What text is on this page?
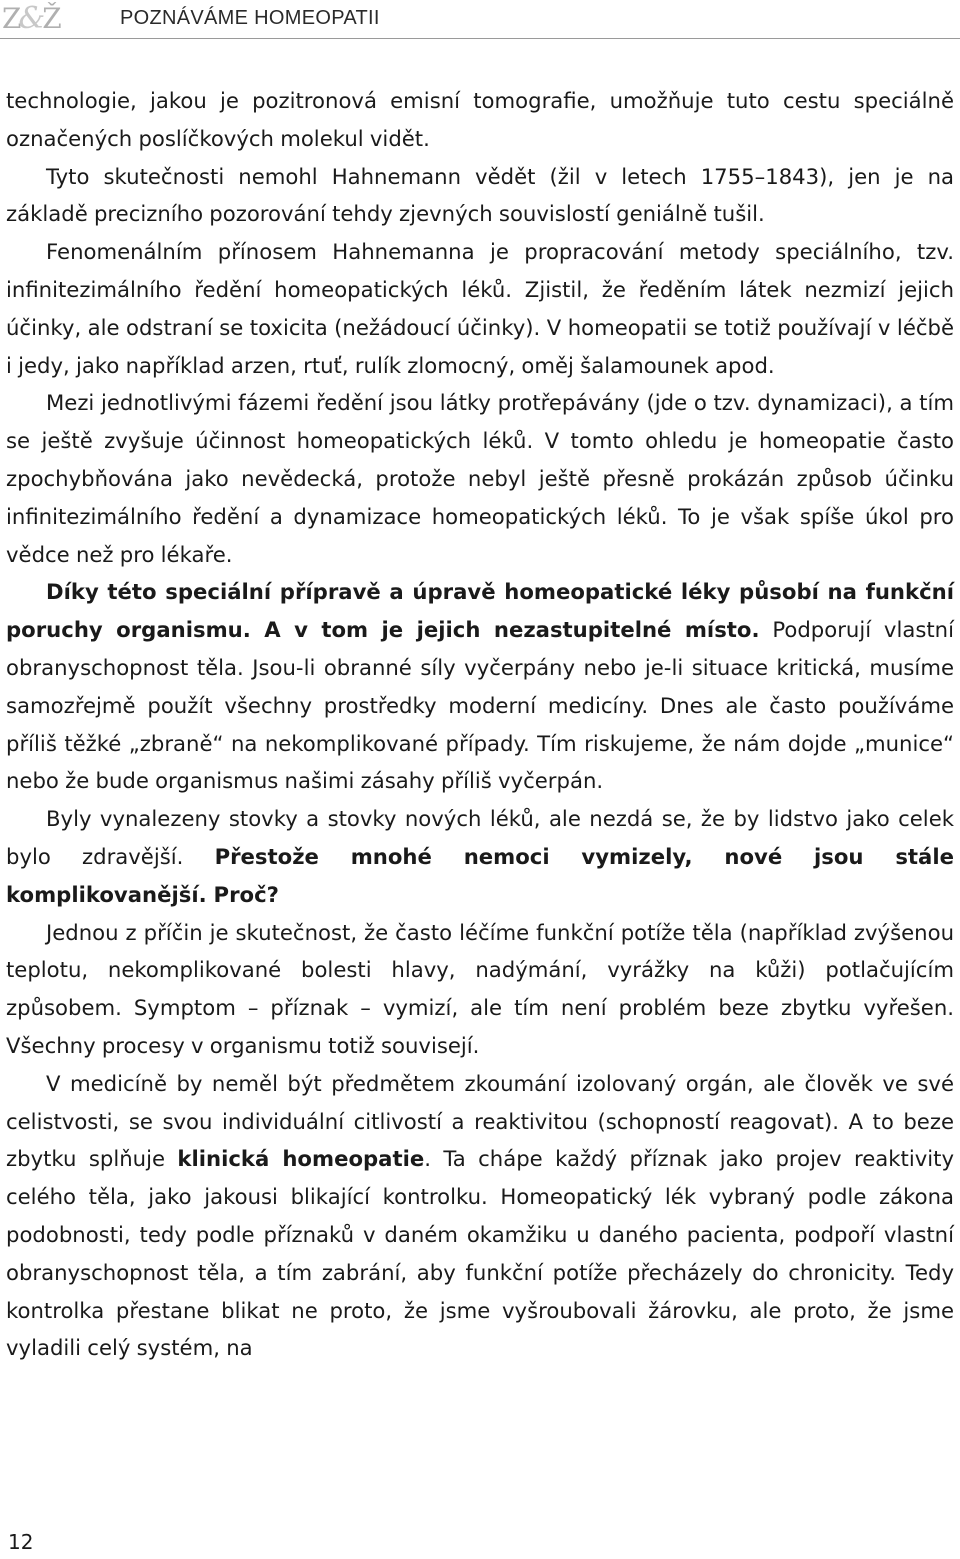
Z&Ž	POZNÁVÁME HOMEOPATII

technologie, jakou je pozitronová emisní tomografie, umožňuje tuto cestu speciálně označených poslíčkových molekul vidět.

Tyto skutečnosti nemohl Hahnemann vědět (žil v letech 1755–1843), jen je na základě precizního pozorování tehdy zjevných souvislostí geniálně tušil.

Fenomenálním přínosem Hahnemanna je propracování metody speciálního, tzv. infinitezimálního ředění homeopatických léků. Zjistil, že ředěním látek nezmizí jejich účinky, ale odstraní se toxicita (nežádoucí účinky). V homeopatii se totiž používají v léčbě i jedy, jako například arzen, rtuť, rulík zlomocný, oměj šalamounek apod.

Mezi jednotlivými fázemi ředění jsou látky protřepávány (jde o tzv. dynamizaci), a tím se ještě zvyšuje účinnost homeopatických léků. V tomto ohledu je homeopatie často zpochybňována jako nevědecká, protože nebyl ještě přesně prokázán způsob účinku infinitezimálního ředění a dynamizace homeopatických léků. To je však spíše úkol pro vědce než pro lékaře.

Díky této speciální přípravě a úpravě homeopatické léky působí na funkční poruchy organismu. A v tom je jejich nezastupitelné místo. Podporují vlastní obranyschopnost těla. Jsou-li obranné síly vyčerpány nebo je-li situace kritická, musíme samozřejmě použít všechny prostředky moderní medicíny. Dnes ale často používáme příliš těžké „zbraně“ na nekomplikované případy. Tím riskujeme, že nám dojde „munice“ nebo že bude organismus našimi zásahy příliš vyčerpán.

Byly vynalezeny stovky a stovky nových léků, ale nezdá se, že by lidstvo jako celek bylo zdravější. Přestože mnohé nemoci vymizely, nové jsou stále komplikovanější. Proč?

Jednou z příčin je skutečnost, že často léčíme funkční potíže těla (například zvýšenou teplotu, nekomplikované bolesti hlavy, nadýmání, vyrážky na kůži) potlačujícím způsobem. Symptom – příznak – vymizí, ale tím není problém beze zbytku vyřešen. Všechny procesy v organismu totiž souvisejí.

V medicíně by neměl být předmětem zkoumání izolovaný orgán, ale člověk ve své celistvosti, se svou individuální citlivostí a reaktivitou (schopností reagovat). A to beze zbytku splňuje klinická homeopatie. Ta chápe každý příznak jako projev reaktivity celého těla, jako jakousi blikající kontrolku. Homeopatický lék vybraný podle zákona podobnosti, tedy podle příznaků v daném okamžiku u daného pacienta, podpoří vlastní obranyschopnost těla, a tím zabrání, aby funkční potíže přecházely do chronicity. Tedy kontrolka přestane blikat ne proto, že jsme vyšroubovali žárovku, ale proto, že jsme vyladili celý systém, na

12
